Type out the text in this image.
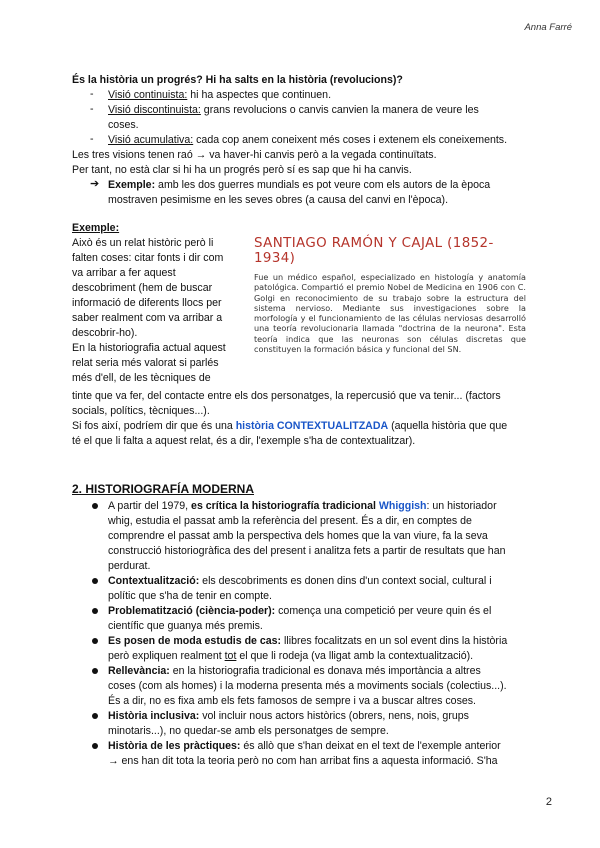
Anna Farré
És la història un progrés? Hi ha salts en la història (revolucions)?
- Visió continuista: hi ha aspectes que continuen.
- Visió discontinuista: grans revolucions o canvis canvien la manera de veure les
coses.
- Visió acumulativa: cada cop anem coneixent més coses i extenem els coneixements.
Les tres visions tenen raó → va haver-hi canvis però a la vegada continuïtats.
Per tant, no està clar si hi ha un progrés però sí es sap que hi ha canvis.
➔ Exemple: amb les dos guerres mundials es pot veure com els autors de la època
mostraven pesimisme en les seves obres (a causa del canvi en l'època).
Exemple:
Això és un relat històric però li
falten coses: citar fonts i dir com
va arribar a fer aquest
descobriment (hem de buscar
informació de diferents llocs per
saber realment com va arribar a
descobrir-ho).
En la historiografia actual aquest
relat seria més valorat si parlés
més d'ell, de les tècniques de
SANTIAGO RAMÓN Y CAJAL (1852-1934)
Fue un médico español, especializado en histología y anatomía patológica. Compartió el premio Nobel de Medicina en 1906 con C. Golgi en reconocimiento de su trabajo sobre la estructura del sistema nervioso. Mediante sus investigaciones sobre la morfología y el funcionamiento de las células nerviosas desarrolló una teoría revolucionaria llamada "doctrina de la neurona". Esta teoría indica que las neuronas son células discretas que constituyen la formación básica y funcional del SN.
tinte que va fer, del contacte entre els dos personatges, la repercusió que va tenir... (factors
socials, polítics, tècniques...).
Si fos així, podríem dir que és una història CONTEXTUALITZADA (aquella història que que
té el que li falta a aquest relat, és a dir, l'exemple s'ha de contextualitzar).
2. HISTORIOGRAFÍA MODERNA
A partir del 1979, es crítica la historiografía tradicional Whiggish: un historiador
whig, estudia el passat amb la referència del present. És a dir, en comptes de
comprendre el passat amb la perspectiva dels homes que la van viure, fa la seva
construcció historiogràfica des del present i analitza fets a partir de resultats que han
perdurat.
Contextualització: els descobriments es donen dins d'un context social, cultural i
polític que s'ha de tenir en compte.
Problematització (ciència-poder): comença una competició per veure quin és el
científic que guanya més premis.
Es posen de moda estudis de cas: llibres focalitzats en un sol event dins la història
però expliquen realment tot el que li rodeja (va lligat amb la contextualització).
Rellevància: en la historiografia tradicional es donava més importància a altres
coses (com als homes) i la moderna presenta més a moviments socials (colectius...).
És a dir, no es fixa amb els fets famosos de sempre i va a buscar altres coses.
Història inclusiva: vol incluir nous actors històrics (obrers, nens, nois, grups
minotaris...), no quedar-se amb els personatges de sempre.
Història de les pràctiques: és allò que s'han deixat en el text de l'exemple anterior
→ ens han dit tota la teoria però no com han arribat fins a aquesta informació. S'ha
2
